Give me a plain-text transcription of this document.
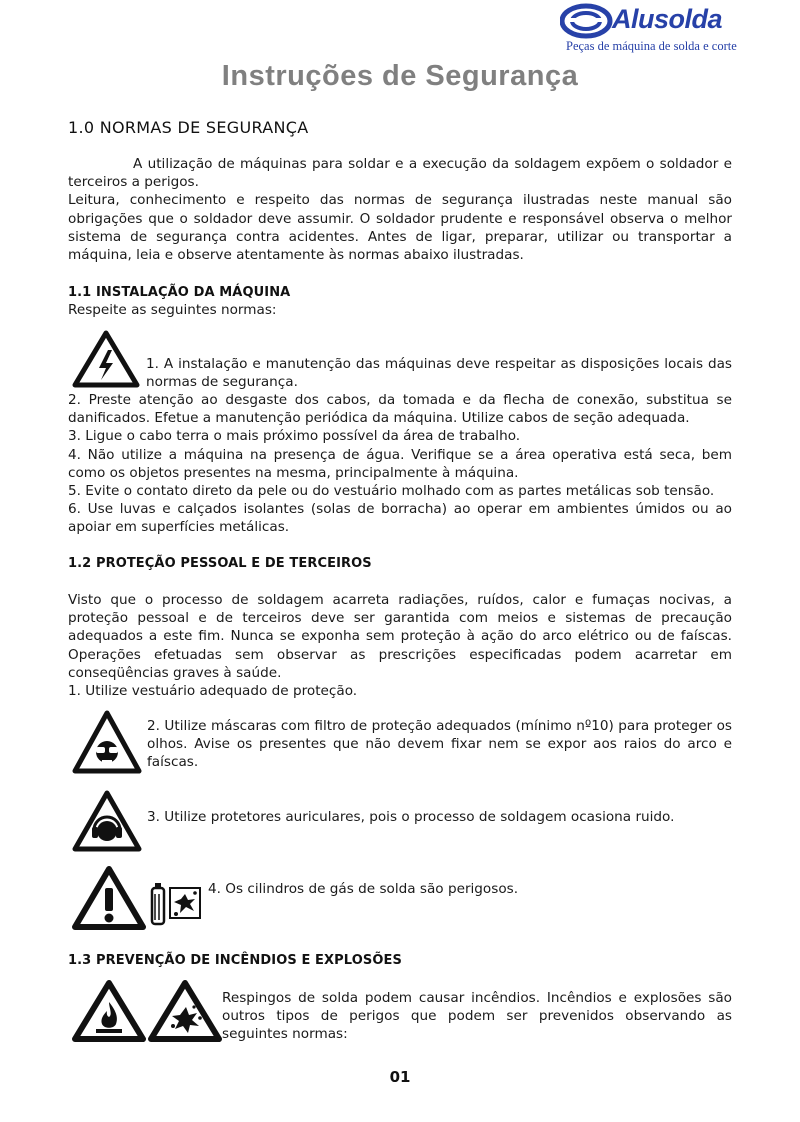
Alusolda
Peças de máquina de solda e corte
Instruções de Segurança
1.0 NORMAS DE SEGURANÇA

A utilização de máquinas para soldar e a execução da soldagem expõem o soldador e terceiros a perigos.

Leitura, conhecimento e respeito das normas de segurança ilustradas neste manual são obrigações que o soldador deve assumir. O soldador prudente e responsável observa o melhor sistema de segurança contra acidentes. Antes de ligar, preparar, utilizar ou transportar a máquina, leia e observe atentamente às normas abaixo ilustradas.

1.1 INSTALAÇÃO DA MÁQUINA
Respeite as seguintes normas:
1. A instalação e manutenção das máquinas deve respeitar as disposições locais das normas de segurança.

2. Preste atenção ao desgaste dos cabos, da tomada e da flecha de conexão, substitua se danificados. Efetue a manutenção periódica da máquina. Utilize cabos de seção adequada.

3. Ligue o cabo terra o mais próximo possível da área de trabalho.

4. Não utilize a máquina na presença de água. Verifique se a área operativa está seca, bem como os objetos presentes na mesma, principalmente à máquina.

5. Evite o contato direto da pele ou do vestuário molhado com as partes metálicas sob tensão.

6. Use luvas e calçados isolantes (solas de borracha) ao operar em ambientes úmidos ou ao apoiar em superfícies metálicas.

1.2 PROTEÇÃO PESSOAL E DE TERCEIROS
Visto que o processo de soldagem acarreta radiações, ruídos, calor e fumaças nocivas, a proteção pessoal e de terceiros deve ser garantida com meios e sistemas de precaução adequados a este fim. Nunca se exponha sem proteção à ação do arco elétrico ou de faíscas. Operações efetuadas sem observar as prescrições especificadas podem acarretar em conseqüências graves à saúde.
1. Utilize vestuário adequado de proteção.
2. Utilize máscaras com filtro de proteção adequados (mínimo nº10) para proteger os olhos. Avise os presentes que não devem fixar nem se expor aos raios do arco e faíscas.
3. Utilize protetores auriculares, pois o processo de soldagem ocasiona ruido.
4. Os cilindros de gás de solda são perigosos.
1.3 PREVENÇÃO DE INCÊNDIOS E EXPLOSÕES
Respingos de solda podem causar incêndios. Incêndios e explosões são outros tipos de perigos que podem ser prevenidos observando as seguintes normas:
01
